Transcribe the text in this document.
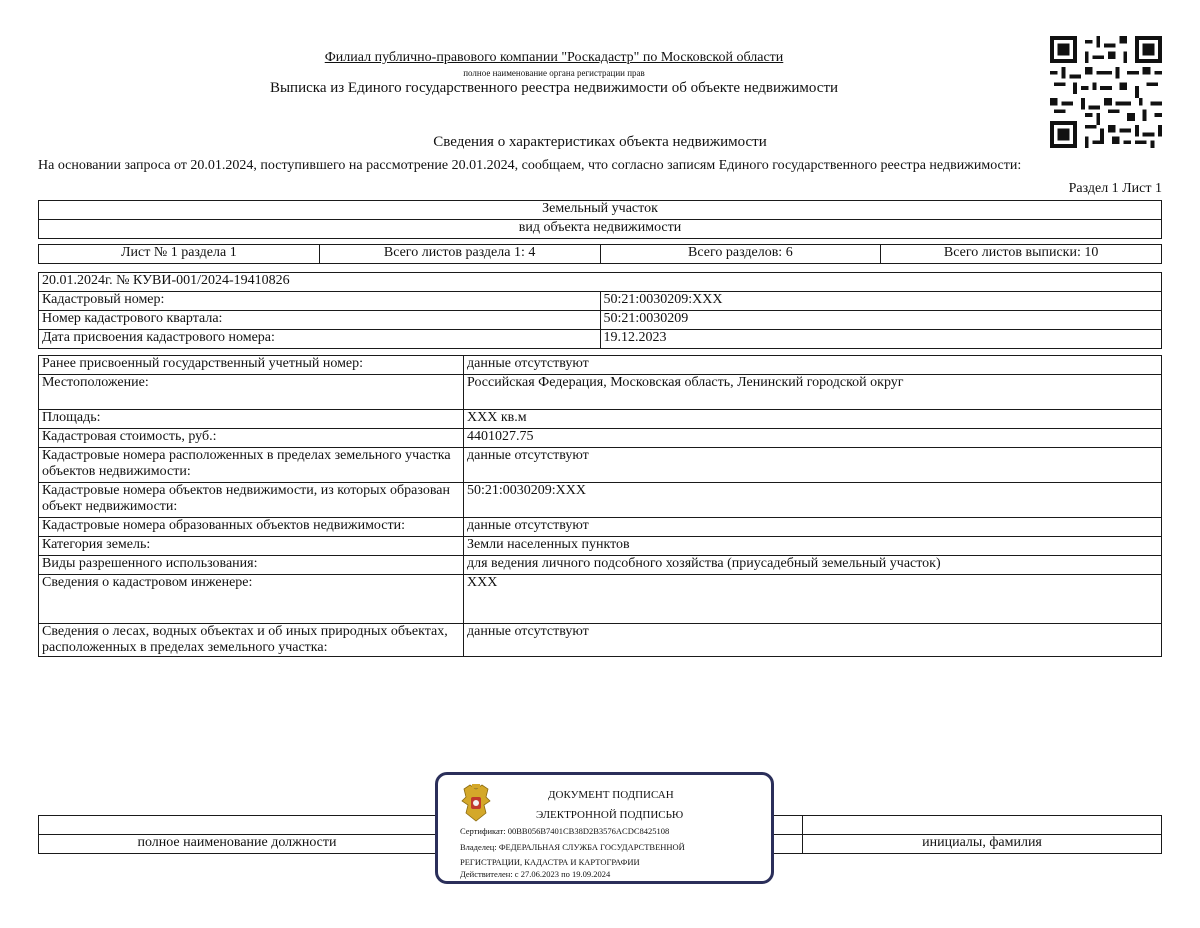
Филиал публично-правового компании "Роскадастр" по Московской области
полное наименование органа регистрации прав
Выписка из Единого государственного реестра недвижимости об объекте недвижимости
Сведения о характеристиках объекта недвижимости
На основании запроса от 20.01.2024, поступившего на рассмотрение 20.01.2024, сообщаем, что согласно записям Единого государственного реестра недвижимости:
Раздел 1 Лист 1
Земельный участок
вид объекта недвижимости
Лист № 1 раздела 1	Всего листов раздела 1: 4	Всего разделов: 6	Всего листов выписки: 10
20.01.2024г. № КУВИ-001/2024-19410826	
Кадастровый номер:	50:21:0030209:XXX
Номер кадастрового квартала:	50:21:0030209
Дата присвоения кадастрового номера:	19.12.2023
Ранее присвоенный государственный учетный номер:	данные отсутствуют
Местоположение:	Российская Федерация, Московская область, Ленинский городской округ
Площадь:	XXX кв.м
Кадастровая стоимость, руб.:	4401027.75
Кадастровые номера расположенных в пределах земельного участка объектов недвижимости:	данные отсутствуют
Кадастровые номера объектов недвижимости, из которых образован объект недвижимости:	50:21:0030209:XXX
Кадастровые номера образованных объектов недвижимости:	данные отсутствуют
Категория земель:	Земли населенных пунктов
Виды разрешенного использования:	для ведения личного подсобного хозяйства (приусадебный земельный участок)
Сведения о кадастровом инженере:	XXX
Сведения о лесах, водных объектах и об иных природных объектах, расположенных в пределах земельного участка:	данные отсутствуют

полное наименование должности		инициалы, фамилия
ДОКУМЕНТ ПОДПИСАН
ЭЛЕКТРОННОЙ ПОДПИСЬЮ
Сертификат: 00BB056B7401CB38D2B3576ACDC8425108
Владелец: ФЕДЕРАЛЬНАЯ СЛУЖБА ГОСУДАРСТВЕННОЙ
РЕГИСТРАЦИИ, КАДАСТРА И КАРТОГРАФИИ
Действителен: с 27.06.2023 по 19.09.2024
